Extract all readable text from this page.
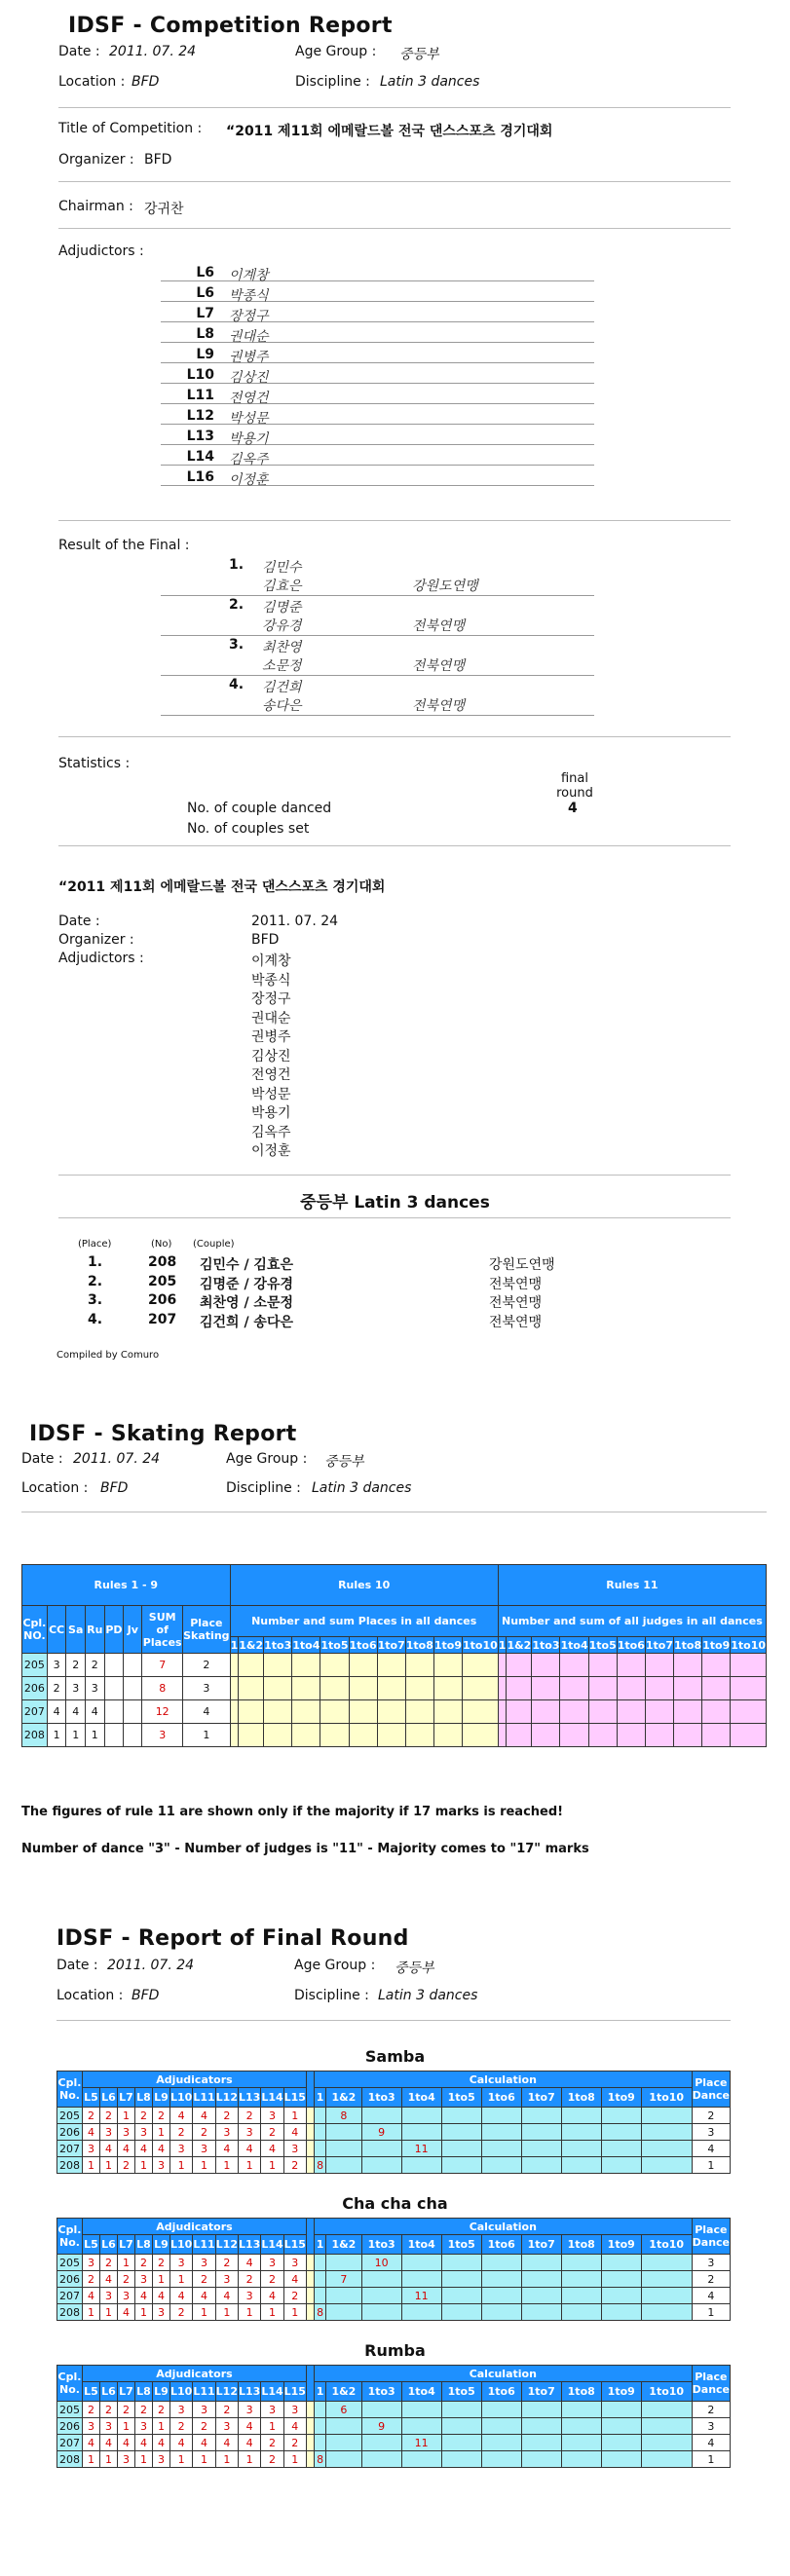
IDSF - Competition Report
Date : 2011. 07. 24	Age Group : 중등부
Location : BFD	Discipline : Latin 3 dances
Title of Competition : “2011 제11회 에메랄드볼 전국 댄스스포츠 경기대회
Organizer : BFD
Chairman : 강귀찬
Adjudictors :
L6 이계창
L6 박종식
L7 장정구
L8 권대순
L9 권병주
L10 김상진
L11 전영건
L12 박성문
L13 박용기
L14 김옥주
L16 이정훈
Result of the Final :
1. 김민수
김효은	강원도연맹
2. 김명준
강유경	전북연맹
3. 최찬영
소문정	전북연맹
4. 김건희
송다은	전북연맹
Statistics :
final round
No. of couple danced	4
No. of couples set
“2011 제11회 에메랄드볼 전국 댄스스포츠 경기대회
Date :	2011. 07. 24
Organizer :	BFD
Adjudictors :	이계창
박종식
장정구
권대순
권병주
김상진
전영건
박성문
박용기
김옥주
이정훈
중등부 Latin 3 dances
(Place)	(No) (Couple)
1.	208 김민수 / 김효은	강원도연맹
2.	205 김명준 / 강유경	전북연맹
3.	206 최찬영 / 소문정	전북연맹
4.	207 김건희 / 송다은	전북연맹
Compiled by Comuro
IDSF - Skating Report
Date : 2011. 07. 24	Age Group : 중등부
Location : BFD	Discipline : Latin 3 dances
Rules 1 - 9								Rules 10										Rules 11									
Cpl. NO.	CC	Sa	Ru	PD	Jv	SUM of Places	Place Skating	Number and sum Places in all dances										Number and sum of all judges in all dances									
								1	1&2	1to3	1to4	1to5	1to6	1to7	1to8	1to9	1to10	1	1&2	1to3	1to4	1to5	1to6	1to7	1to8	1to9	1to10
205	3	2	2			7	2																				
206	2	3	3			8	3																				
207	4	4	4			12	4																				
208	1	1	1			3	1																				
The figures of rule 11 are shown only if the majority if 17 marks is reached!
Number of dance "3" - Number of judges is "11" - Majority comes to "17" marks
IDSF - Report of Final Round
Date : 2011. 07. 24	Age Group : 중등부
Location : BFD	Discipline : Latin 3 dances
Samba
Cpl. No.	Adjudicators												Calculation										Place Dance
	L5	L6	L7	L8	L9	L10	L11	L12	L13	L14	L15		1	1&2	1to3	1to4	1to5	1to6	1to7	1to8	1to9	1to10	
205	2	2	1	2	2	4	4	2	2	3	1			8									2
206	4	3	3	3	1	2	2	3	3	2	4				9								3
207	3	4	4	4	4	3	3	4	4	4	3					11							4
208	1	1	2	1	3	1	1	1	1	1	2		8										1
Cha cha cha
Cpl. No.	Adjudicators												Calculation										Place Dance
	L5	L6	L7	L8	L9	L10	L11	L12	L13	L14	L15		1	1&2	1to3	1to4	1to5	1to6	1to7	1to8	1to9	1to10	
205	3	2	1	2	2	3	3	2	4	3	3				10								3
206	2	4	2	3	1	1	2	3	2	2	4			7									2
207	4	3	3	4	4	4	4	4	3	4	2					11							4
208	1	1	4	1	3	2	1	1	1	1	1		8										1
Rumba
Cpl. No.	Adjudicators												Calculation										Place Dance
	L5	L6	L7	L8	L9	L10	L11	L12	L13	L14	L15		1	1&2	1to3	1to4	1to5	1to6	1to7	1to8	1to9	1to10	
205	2	2	2	2	2	3	3	2	3	3	3			6									2
206	3	3	1	3	1	2	2	3	4	1	4				9								3
207	4	4	4	4	4	4	4	4	4	2	2					11							4
208	1	1	3	1	3	1	1	1	1	2	1		8										1
